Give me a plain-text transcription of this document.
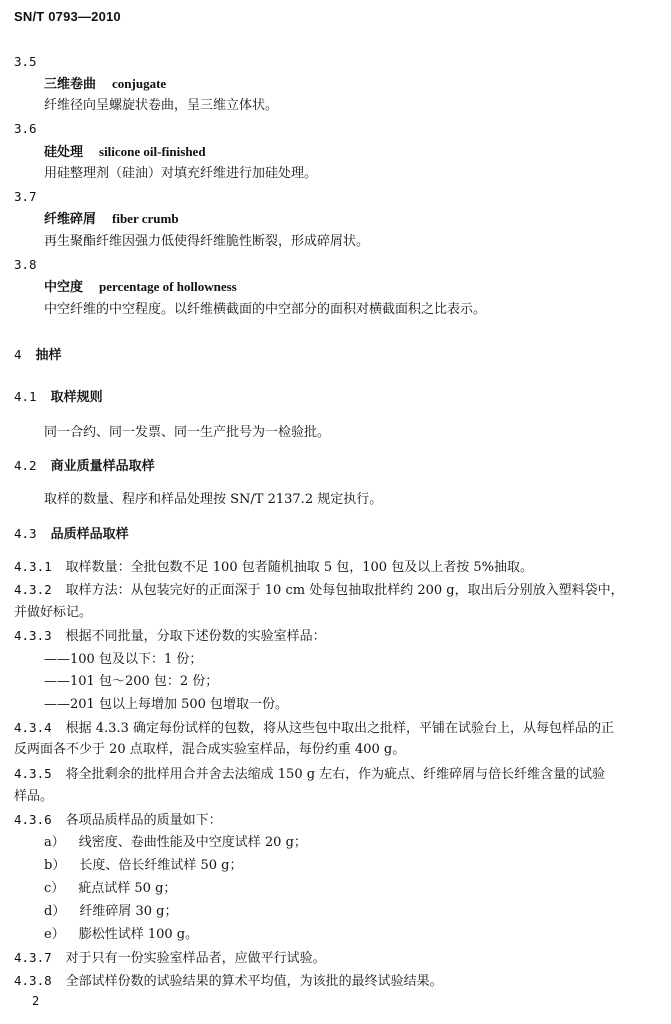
SN/T 0793—2010
3.5
三维卷曲 conjugate
纤维径向呈螺旋状卷曲，呈三维立体状。
3.6
硅处理 silicone oil-finished
用硅整理剂（硅油）对填充纤维进行加硅处理。
3.7
纤维碎屑 fiber crumb
再生聚酯纤维因强力低使得纤维脆性断裂，形成碎屑状。
3.8
中空度 percentage of hollowness
中空纤维的中空程度。以纤维横截面的中空部分的面积对横截面积之比表示。
4 抽样
4.1 取样规则
同一合约、同一发票、同一生产批号为一检验批。
4.2 商业质量样品取样
取样的数量、程序和样品处理按 SN/T 2137.2 规定执行。
4.3 品质样品取样
4.3.1 取样数量：全批包数不足 100 包者随机抽取 5 包，100 包及以上者按 5%抽取。
4.3.2 取样方法：从包装完好的正面深于 10 cm 处每包抽取批样约 200 g，取出后分别放入塑料袋中，
并做好标记。
4.3.3 根据不同批量，分取下述份数的实验室样品：
——100 包及以下：1 份；
——101 包～200 包：2 份；
——201 包以上每增加 500 包增取一份。
4.3.4 根据 4.3.3 确定每份试样的包数，将从这些包中取出之批样，平铺在试验台上，从每包样品的正
反两面各不少于 20 点取样，混合成实验室样品，每份约重 400 g。
4.3.5 将全批剩余的批样用合并舍去法缩成 150 g 左右，作为疵点、纤维碎屑与倍长纤维含量的试验
样品。
4.3.6 各项品质样品的质量如下：
a） 线密度、卷曲性能及中空度试样 20 g；
b） 长度、倍长纤维试样 50 g；
c） 疵点试样 50 g；
d） 纤维碎屑 30 g；
e） 膨松性试样 100 g。
4.3.7 对于只有一份实验室样品者，应做平行试验。
4.3.8 全部试样份数的试验结果的算术平均值，为该批的最终试验结果。
2
